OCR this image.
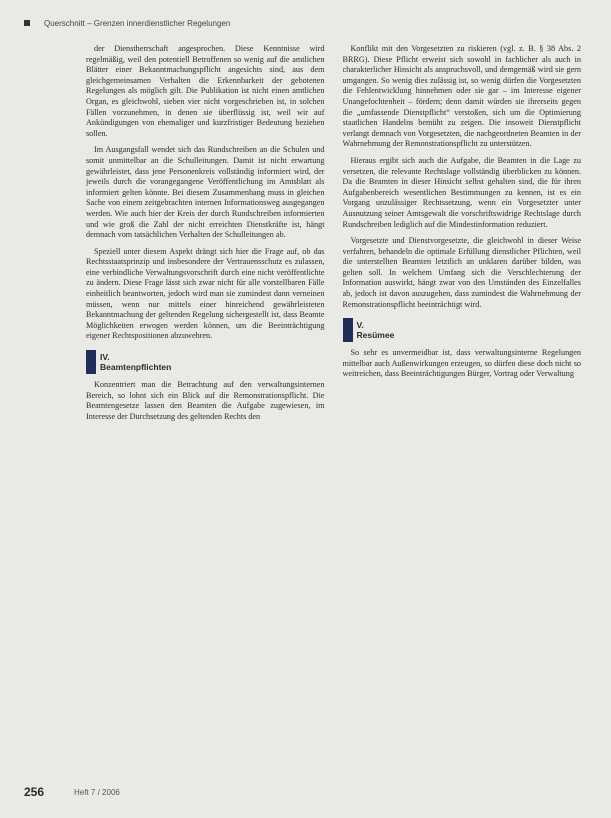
Querschnitt – Grenzen innerdienstlicher Regelungen

der Dienstherrschaft angesprochen. Diese Kenntnisse wird regelmäßig, weil den potentiell Betroffenen so wenig auf die amtlichen Blätter einer Bekanntmachungspflicht angesichts sind, aus dem gleichgemeinsamen Verhalten die Erkennbarkeit der gebotenen Regelungen als möglich gilt. Die Publikation ist nicht einen amtlichen Organ, es gleichwohl, sieben vier nicht vorgeschrieben ist, in solchen Fällen vorzunehmen, in denen sie überflüssig ist, weil wir auf Ankündigungen von ehemaliger und kurzfristiger Bedeutung beziehen sollen.

Im Ausgangsfall wendet sich das Rundschreiben an die Schulen und somit unmittelbar an die Schulleitungen. Damit ist nicht erwartung gewährleistet, dass jene Personenkreis vollständig informiert wird, der jeweils durch die vorangegangene Veröffentlichung im Amtsblatt als informiert gelten könnte. Bei diesem Zusammenhang muss in gleichen Sache von einem zeitgebrachten internen Informationsweg ausgegangen werden. Wie auch hier der Kreis der durch Rundschreiben informierten und wie groß die Zahl der nicht erreichten Dienstkräfte ist, hängt demnach vom tatsächlichen Verhalten der Schulleitungen ab.

Speziell unter diesem Aspekt drängt sich hier die Frage auf, ob das Rechtsstaatsprinzip und insbesondere der Vertrauensschutz es zulassen, eine verbindliche Verwaltungsvorschrift durch eine nicht veröffentlichte zu ändern. Diese Frage lässt sich zwar nicht für alle vorstellbaren Fälle einheitlich beantworten, jedoch wird man sie zumindest dann verneinen müssen, wenn nur mittels einer hinreichend gewährleisteten Bekanntmachung der geltenden Regelung sichergestellt ist, dass Beamte Möglichkeiten erwogen werden können, um die Beeinträchtigung eigener Rechtspositionen abzuwehren.

IV.
Beamtenpflichten

Konzentriert man die Betrachtung auf den verwaltungsinternen Bereich, so lohnt sich ein Blick auf die Remonstrationspflicht. Die Beamtengesetze lassen den Beamten die Aufgabe zugewiesen, im Interesse der Durchsetzung des geltenden Rechts den

Konflikt mit den Vorgesetzten zu riskieren (vgl. z. B. § 38 Abs. 2 BRRG). Diese Pflicht erweist sich sowohl in fachlicher als auch in charakterlicher Hinsicht als anspruchsvoll, und demgemäß wird sie gern umgangen. So wenig dies zulässig ist, so wenig dürfen die Vorgesetzten die Fehlentwicklung hinnehmen oder sie gar – im Interesse eigener Unangefochtenheit – fördern; denn damit würden sie ihrerseits gegen die „umfassende Dienstpflicht“ verstoßen, sich um die Optimierung staatlichen Handelns bemüht zu zeigen. Die insoweit Dienstpflicht verlangt demnach von Vorgesetzten, die nachgeordneten Beamten in der Wahrnehmung der Remonstrationspflicht zu unterstützen.

Hieraus ergibt sich auch die Aufgabe, die Beamten in die Lage zu versetzen, die relevante Rechtslage vollständig überblicken zu können. Da die Beamten in dieser Hinsicht selbst gehalten sind, die für ihren Aufgabenbereich wesentlichen Bestimmungen zu kennen, ist es ein Vorgang unzulässiger Rechtssetzung, wenn ein Vorgesetzter unter Ausnutzung seiner Amtsgewalt die vorschriftswidrige Rechtslage durch Rundschreiben lediglich auf die Mindestinformation reduziert.

Vorgesetzte und Dienstvorgesetzte, die gleichwohl in dieser Weise verfahren, behandeln die optimale Erfüllung dienstlicher Pflichten, weil die unterstellten Beamten letztlich an unklaren darüber bilden, was gelten soll. In welchem Umfang sich die Verschlechterung der Information auswirkt, hängt zwar von den Umständen des Einzelfalles ab, jedoch ist davon auszugehen, dass zumindest die Wahrnehmung der Remonstrationspflicht beeinträchtigt wird.

V.
Resümee

So sehr es unvermeidbar ist, dass verwaltungsinterne Regelungen mittelbar auch Außenwirkungen erzeugen, so dürfen diese doch nicht so weitreichen, dass Beeinträchtigungen Bürger, Vortrag oder Verwaltung

256	Heft 7 / 2006
